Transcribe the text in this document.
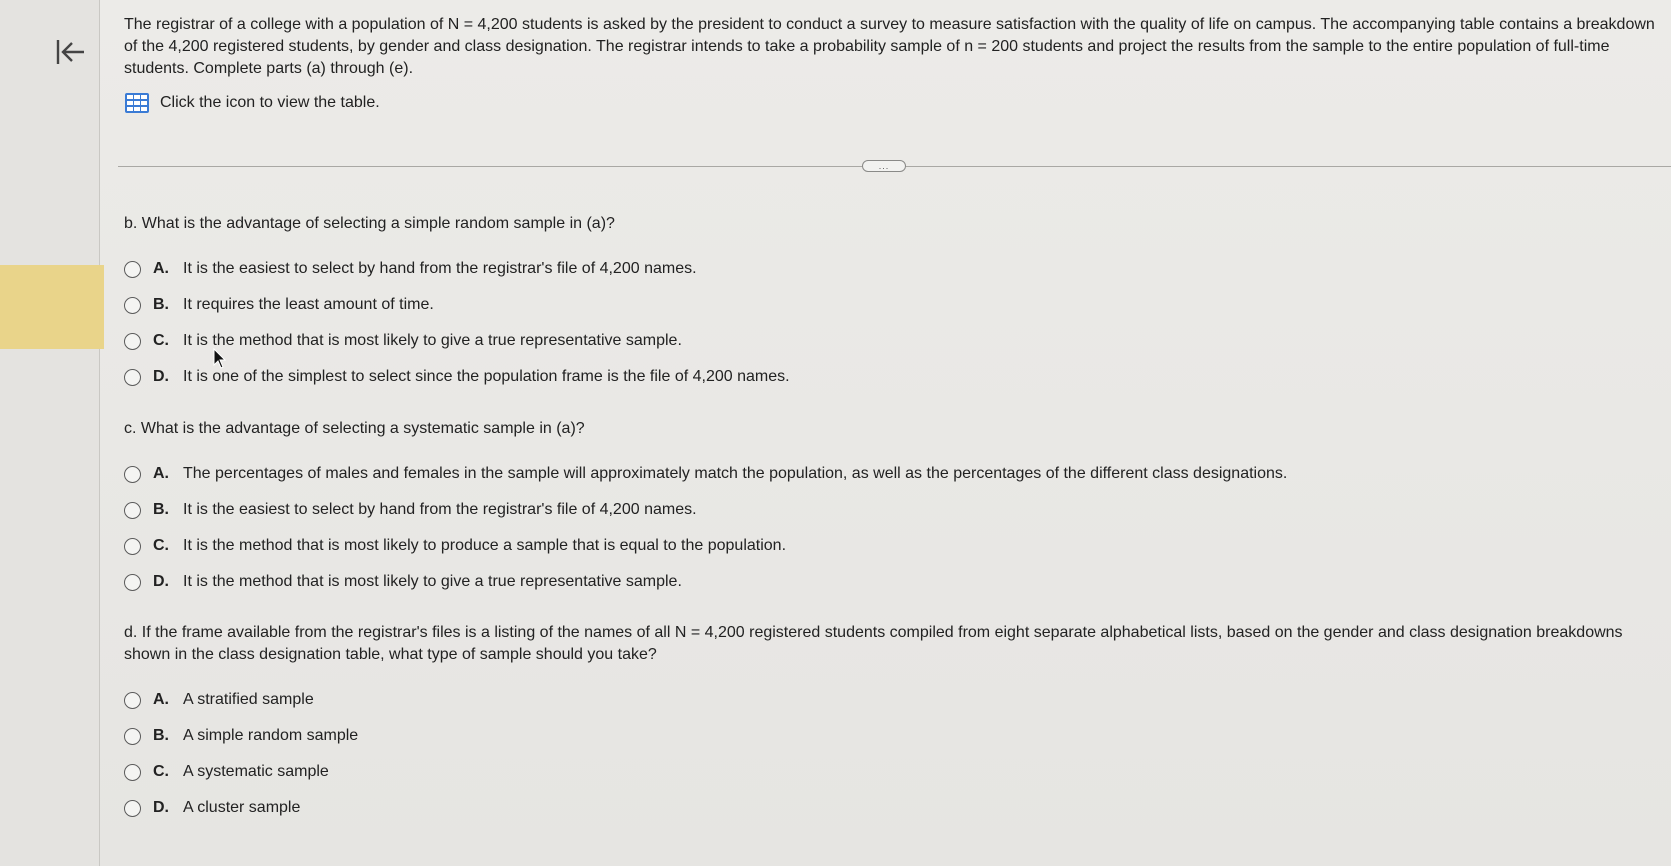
The registrar of a college with a population of N = 4,200 students is asked by the president to conduct a survey to measure satisfaction with the quality of life on campus. The accompanying table contains a breakdown of the 4,200 registered students, by gender and class designation. The registrar intends to take a probability sample of n = 200 students and project the results from the sample to the entire population of full-time students. Complete parts (a) through (e).

Click the icon to view the table.
...

b. What is the advantage of selecting a simple random sample in (a)?

A. It is the easiest to select by hand from the registrar's file of 4,200 names.
B. It requires the least amount of time.
C. It is the method that is most likely to give a true representative sample.
D. It is one of the simplest to select since the population frame is the file of 4,200 names.

c. What is the advantage of selecting a systematic sample in (a)?

A. The percentages of males and females in the sample will approximately match the population, as well as the percentages of the different class designations.
B. It is the easiest to select by hand from the registrar's file of 4,200 names.
C. It is the method that is most likely to produce a sample that is equal to the population.
D. It is the method that is most likely to give a true representative sample.

d. If the frame available from the registrar's files is a listing of the names of all N = 4,200 registered students compiled from eight separate alphabetical lists, based on the gender and class designation breakdowns shown in the class designation table, what type of sample should you take?

A. A stratified sample
B. A simple random sample
C. A systematic sample
D. A cluster sample
